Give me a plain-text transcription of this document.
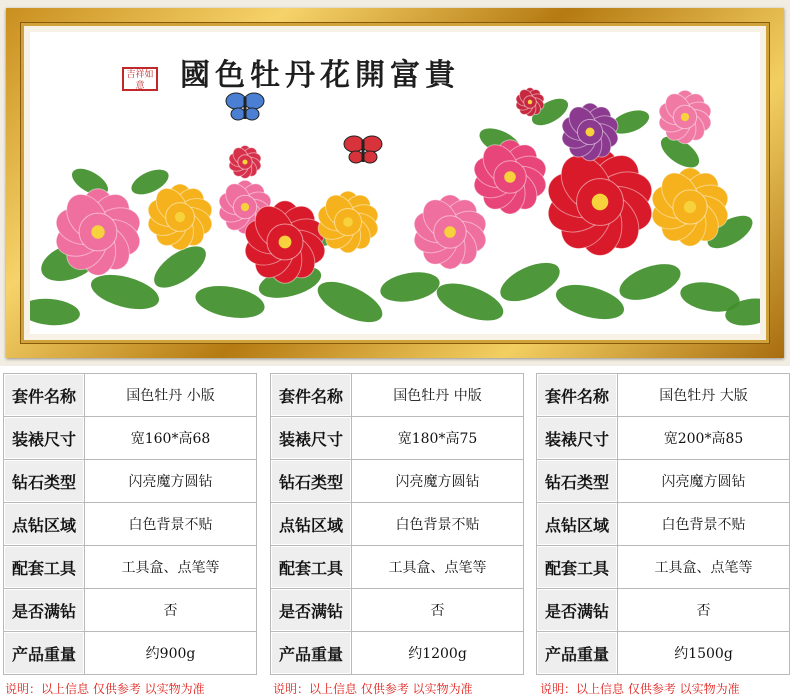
吉祥如意	國色牡丹花開富貴
套件名称	国色牡丹 小版
装裱尺寸	宽160*高68
钻石类型	闪亮魔方圆钻
点钻区域	白色背景不贴
配套工具	工具盒、点笔等
是否满钻	否
产品重量	约900g
套件名称	国色牡丹 中版
装裱尺寸	宽180*高75
钻石类型	闪亮魔方圆钻
点钻区域	白色背景不贴
配套工具	工具盒、点笔等
是否满钻	否
产品重量	约1200g
套件名称	国色牡丹 大版
装裱尺寸	宽200*高85
钻石类型	闪亮魔方圆钻
点钻区域	白色背景不贴
配套工具	工具盒、点笔等
是否满钻	否
产品重量	约1500g
说明：以上信息 仅供参考 以实物为准	说明：以上信息 仅供参考 以实物为准	说明：以上信息 仅供参考 以实物为准
